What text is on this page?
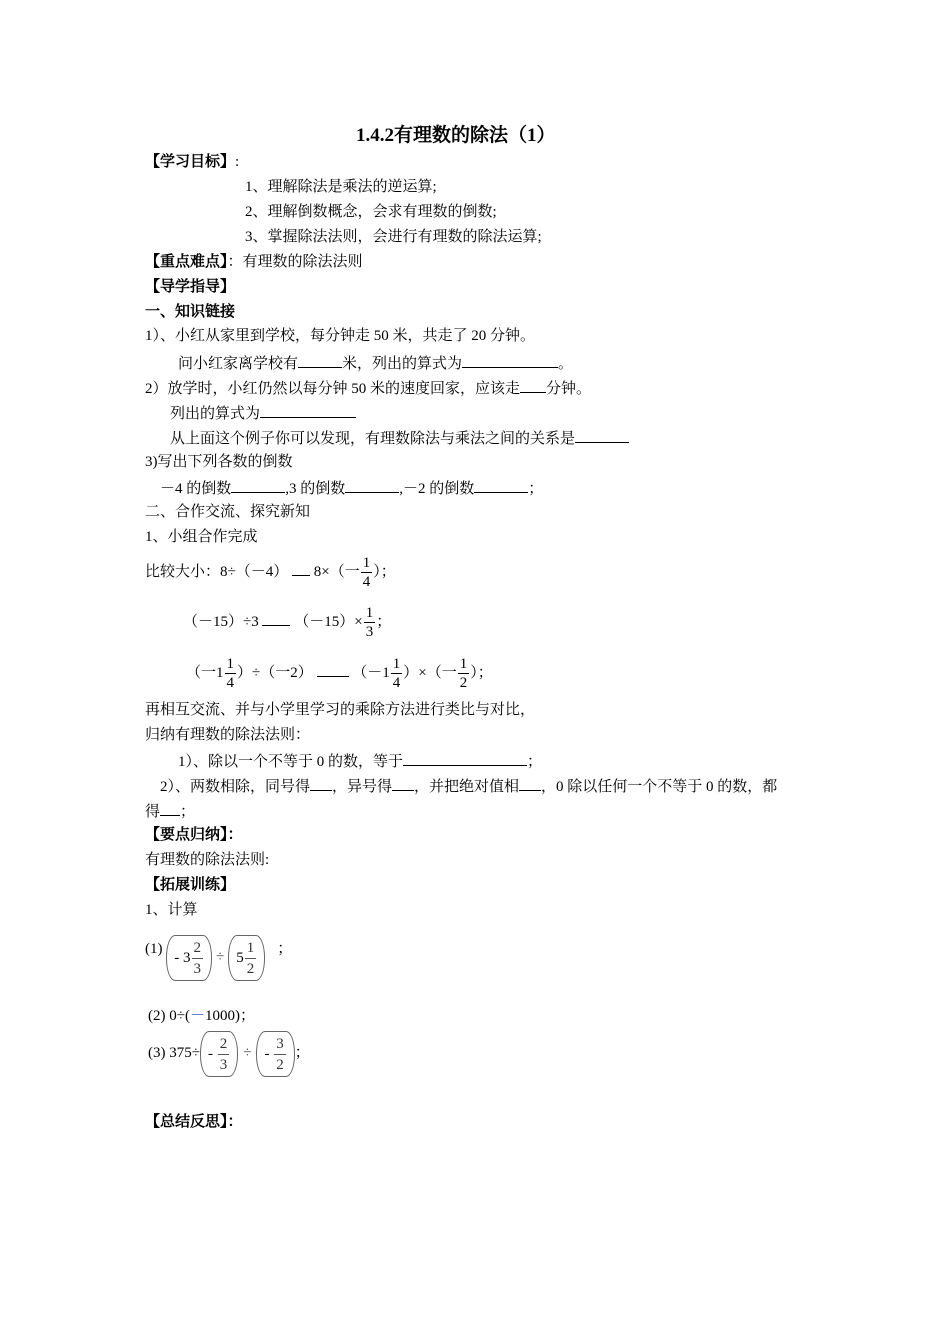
1.4.2有理数的除法（1）
【学习目标】:
1、理解除法是乘法的逆运算;
2、理解倒数概念，会求有理数的倒数;
3、掌握除法法则，会进行有理数的除法运算;
【重点难点】：有理数的除法法则
【导学指导】
一、知识链接
1）、小红从家里到学校，每分钟走 50 米，共走了 20 分钟。
问小红家离学校有	米，列出的算式为	。
2）放学时，小红仍然以每分钟 50 米的速度回家，应该走 分钟。
列出的算式为
从上面这个例子你可以发现，有理数除法与乘法之间的关系是
3)写出下列各数的倒数
－4 的倒数	,3 的倒数	,－2 的倒数	；
二、合作交流、探究新知
1、小组合作完成
比较大小：8÷（－4） 8×（一 $\frac{1}{4}$ ）；
（－15）÷3 $(-15)\times \frac{1}{3}$ ；
（一$1 \frac{1}{4}$ ）÷（一2）	（$-1 \frac{1}{4}$ ）×（一 $\frac{1}{2}$ ）；
再相互交流、并与小学里学习的乘除方法进行类比与对比，
归纳有理数的除法法则：
1）、除以一个不等于 0 的数，等于	；
2）、两数相除，同号得 ，异号得 ，并把绝对值相 ，0 除以任何一个不等于 0 的数，都
得 ；
【要点归纳】：
有理数的除法法则:
【拓展训练】
1、计算
$(1) - 3 \frac{2}{3} \div 5 \frac{1}{2}$ ；
(2) 0÷(－1000)；
(3) $375\div - \frac{2}{3}$ ÷ - $\frac{3}{2}$ ；
【总结反思】：
